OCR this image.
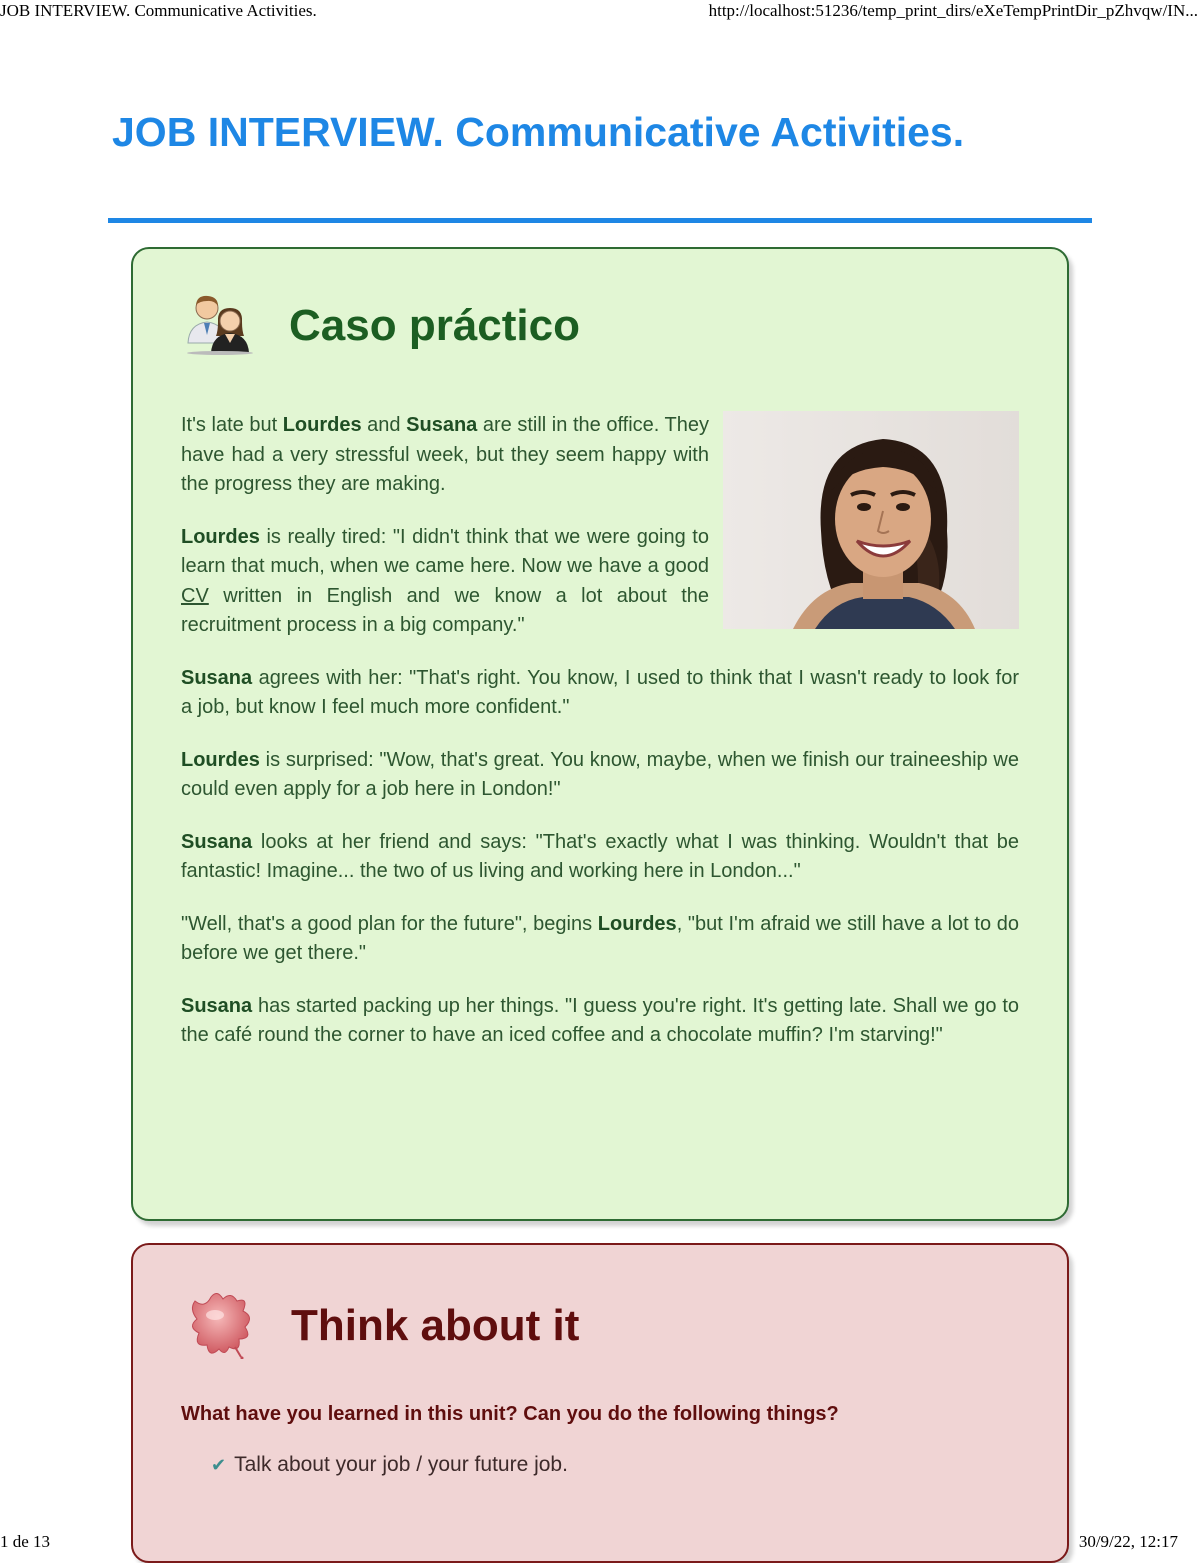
JOB INTERVIEW. Communicative Activities.	http://localhost:51236/temp_print_dirs/eXeTempPrintDir_pZhvqw/IN...
JOB INTERVIEW. Communicative Activities.
Caso práctico

It's late but Lourdes and Susana are still in the office. They have had a very stressful week, but they seem happy with the progress they are making.

Lourdes is really tired: "I didn't think that we were going to learn that much, when we came here. Now we have a good CV written in English and we know a lot about the recruitment process in a big company."

Susana agrees with her: "That's right. You know, I used to think that I wasn't ready to look for a job, but know I feel much more confident."

Lourdes is surprised: "Wow, that's great. You know, maybe, when we finish our traineeship we could even apply for a job here in London!"

Susana looks at her friend and says: "That's exactly what I was thinking. Wouldn't that be fantastic! Imagine... the two of us living and working here in London..."

"Well, that's a good plan for the future", begins Lourdes, "but I'm afraid we still have a lot to do before we get there."

Susana has started packing up her things. "I guess you're right. It's getting late. Shall we go to the café round the corner to have an iced coffee and a chocolate muffin? I'm starving!"

Think about it

What have you learned in this unit? Can you do the following things?

✔ Talk about your job / your future job.
1 de 13	30/9/22, 12:17
